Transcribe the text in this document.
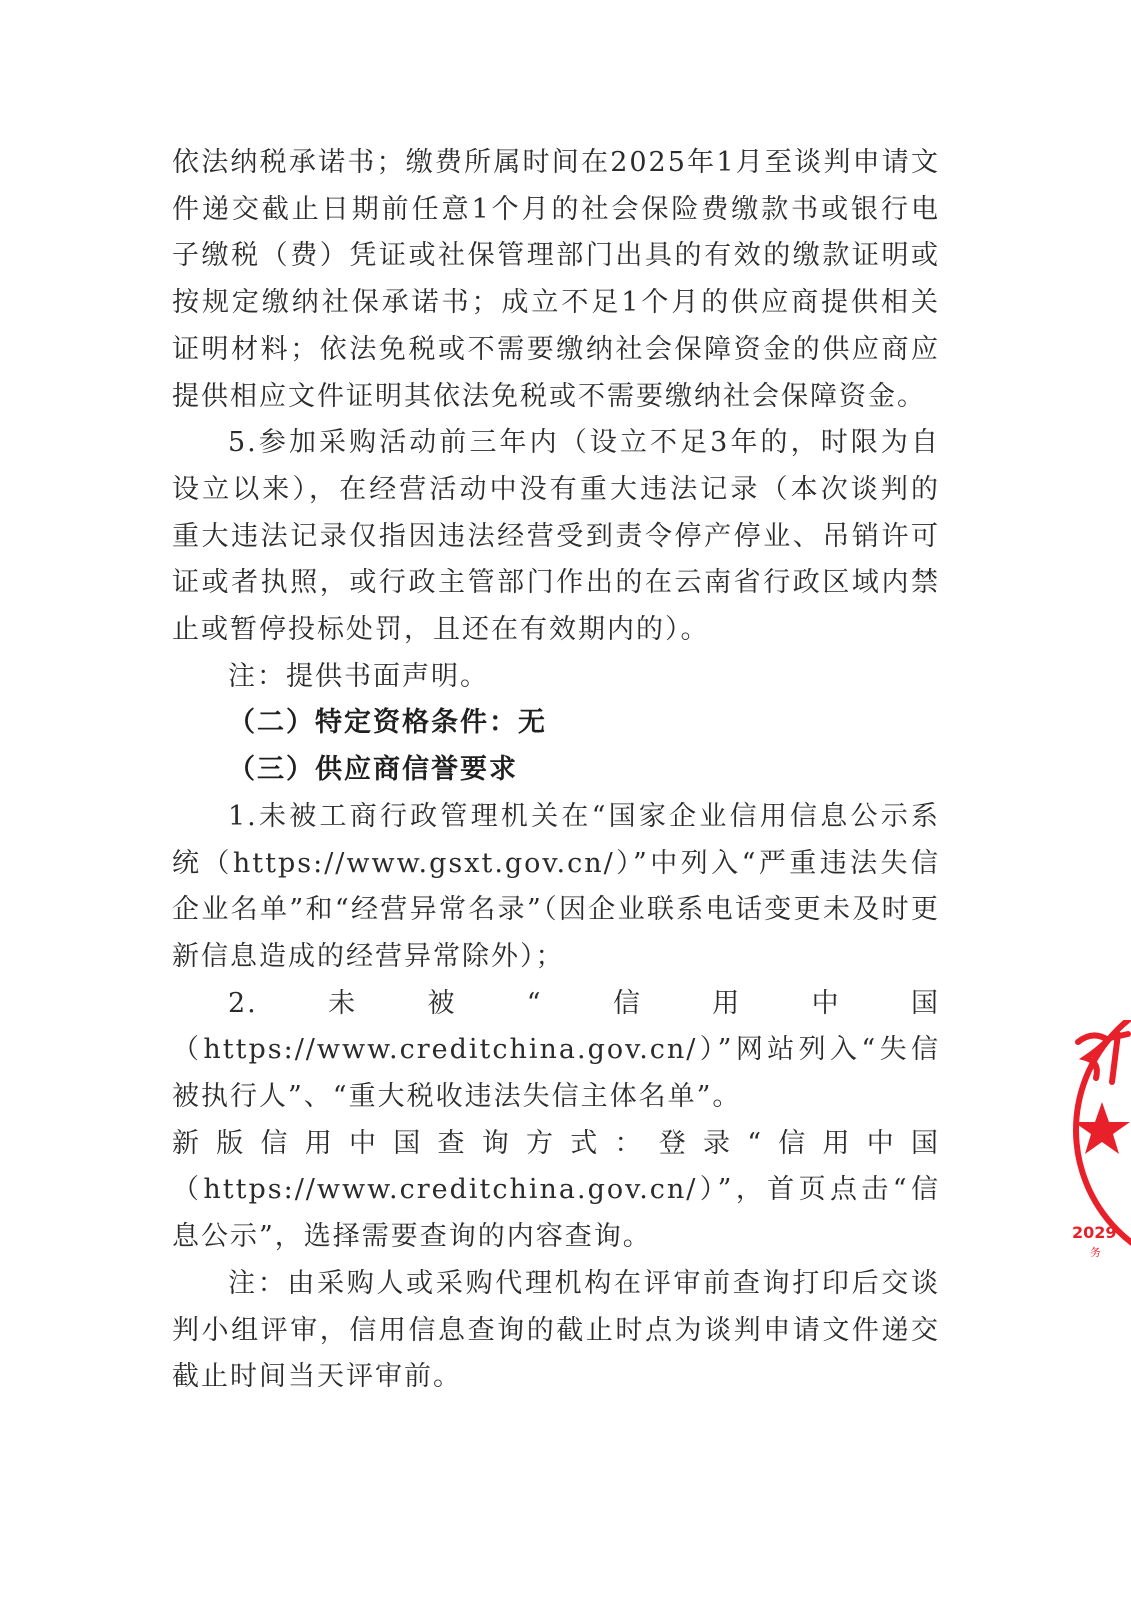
依法纳税承诺书；缴费所属时间在2025年1月至谈判申请文件递交截止日期前任意1个月的社会保险费缴款书或银行电子缴税（费）凭证或社保管理部门出具的有效的缴款证明或按规定缴纳社保承诺书；成立不足1个月的供应商提供相关证明材料；依法免税或不需要缴纳社会保障资金的供应商应提供相应文件证明其依法免税或不需要缴纳社会保障资金。

5.参加采购活动前三年内（设立不足3年的，时限为自设立以来），在经营活动中没有重大违法记录（本次谈判的重大违法记录仅指因违法经营受到责令停产停业、吊销许可证或者执照，或行政主管部门作出的在云南省行政区域内禁止或暂停投标处罚，且还在有效期内的）。

注：提供书面声明。

（二）特定资格条件：无

（三）供应商信誉要求

1.未被工商行政管理机关在“国家企业信用信息公示系统（https://www.gsxt.gov.cn/）”中列入“严重违法失信企业名单”和“经营异常名录”（因企业联系电话变更未及时更新信息造成的经营异常除外）；

2.未被“信用中国（https://www.creditchina.gov.cn/）”网站列入“失信被执行人”、“重大税收违法失信主体名单”。

新版信用中国查询方式：登录“信用中国

（https://www.creditchina.gov.cn/）”，首页点击“信息公示”，选择需要查询的内容查询。

注：由采购人或采购代理机构在评审前查询打印后交谈判小组评审，信用信息查询的截止时点为谈判申请文件递交截止时间当天评审前。

2029
务
